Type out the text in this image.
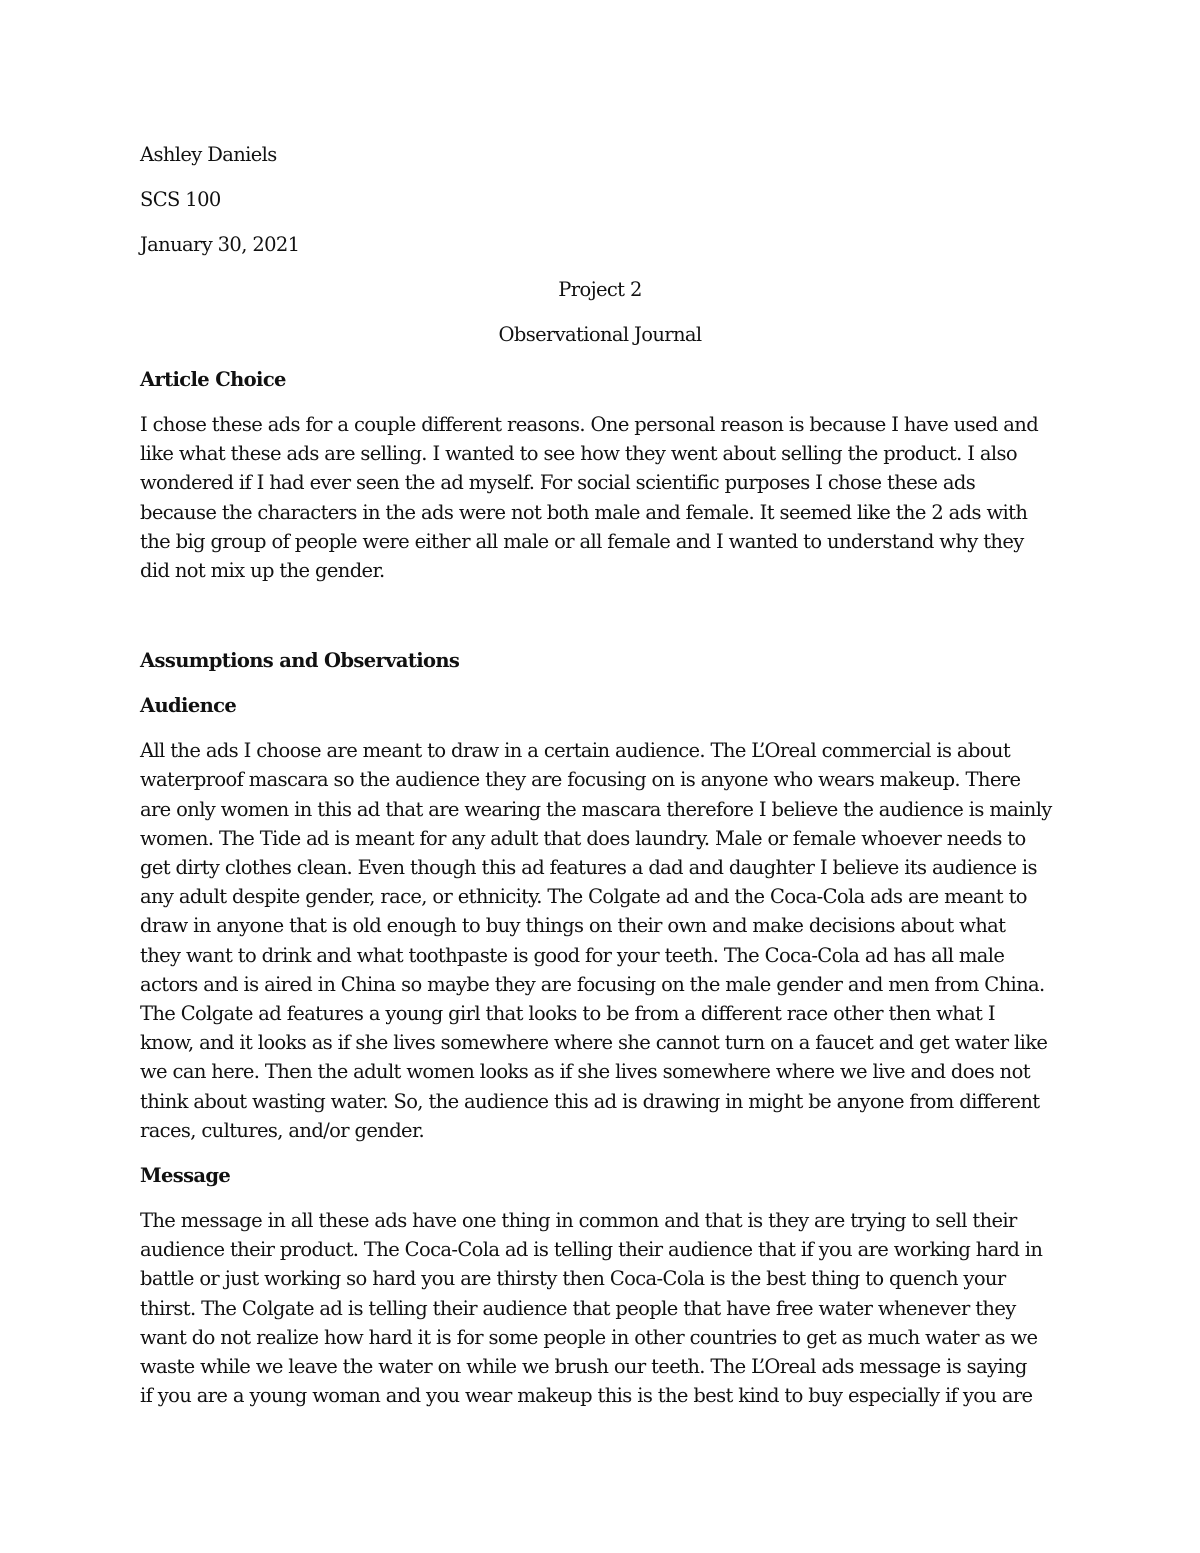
Ashley Daniels
SCS 100
January 30, 2021
Project 2
Observational Journal
Article Choice
I chose these ads for a couple different reasons. One personal reason is because I have used and
like what these ads are selling. I wanted to see how they went about selling the product. I also
wondered if I had ever seen the ad myself. For social scientific purposes I chose these ads
because the characters in the ads were not both male and female. It seemed like the 2 ads with
the big group of people were either all male or all female and I wanted to understand why they
did not mix up the gender.
Assumptions and Observations
Audience
All the ads I choose are meant to draw in a certain audience. The L’Oreal commercial is about
waterproof mascara so the audience they are focusing on is anyone who wears makeup. There
are only women in this ad that are wearing the mascara therefore I believe the audience is mainly
women. The Tide ad is meant for any adult that does laundry. Male or female whoever needs to
get dirty clothes clean. Even though this ad features a dad and daughter I believe its audience is
any adult despite gender, race, or ethnicity. The Colgate ad and the Coca-Cola ads are meant to
draw in anyone that is old enough to buy things on their own and make decisions about what
they want to drink and what toothpaste is good for your teeth. The Coca-Cola ad has all male
actors and is aired in China so maybe they are focusing on the male gender and men from China.
The Colgate ad features a young girl that looks to be from a different race other then what I
know, and it looks as if she lives somewhere where she cannot turn on a faucet and get water like
we can here. Then the adult women looks as if she lives somewhere where we live and does not
think about wasting water. So, the audience this ad is drawing in might be anyone from different
races, cultures, and/or gender.
Message
The message in all these ads have one thing in common and that is they are trying to sell their
audience their product. The Coca-Cola ad is telling their audience that if you are working hard in
battle or just working so hard you are thirsty then Coca-Cola is the best thing to quench your
thirst. The Colgate ad is telling their audience that people that have free water whenever they
want do not realize how hard it is for some people in other countries to get as much water as we
waste while we leave the water on while we brush our teeth. The L’Oreal ads message is saying
if you are a young woman and you wear makeup this is the best kind to buy especially if you are
